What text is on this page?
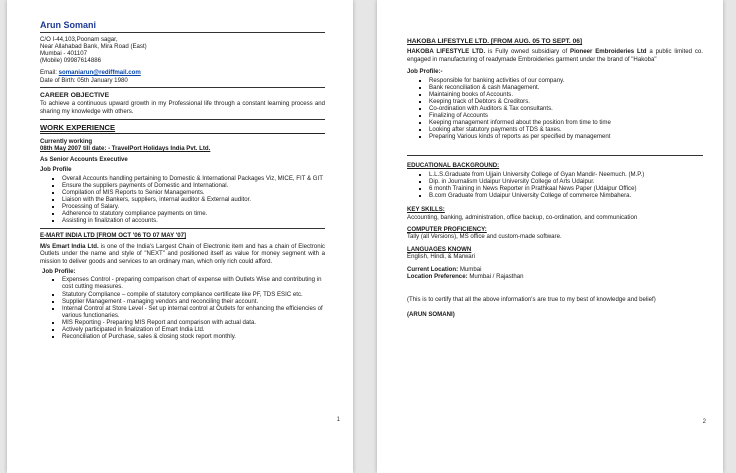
Arun Somani
C/O I-44,103,Poonam sagar,
Near Allahabad Bank, Mira Road (East)
Mumbai - 401107
(Mobile) 09987614886
Email: somaniarun@rediffmail.com
Date of Birth: 05th January 1980
CAREER OBJECTIVE
To achieve a continuous upward growth in my Professional life through a constant learning process and sharing my knowledge with others.
WORK EXPERIENCE
Currently working
08th May 2007 till date: - TravelPort Holidays India Pvt. Ltd.
As Senior Accounts Executive
Job Profile
▪ Overall Accounts handling pertaining to Domestic & International Packages Viz, MICE, FIT & GIT
▪ Ensure the suppliers payments of Domestic and International.
▪ Compilation of MIS Reports to Senior Managements.
▪ Liaison with the Bankers, suppliers, internal auditor & External auditor.
▪ Processing of Salary.
▪ Adherence to statutory compliance payments on time.
▪ Assisting in finalization of accounts.
E-MART INDIA LTD [FROM OCT '06 TO 07 MAY '07]
M/s Emart India Ltd. is one of the India's Largest Chain of Electronic item and has a chain of Electronic Outlets under the name and style of "NEXT" and positioned itself as value for money segment with a mission to deliver goods and services to an ordinary man, which only rich could afford.
Job Profile:
▪ Expenses Control - preparing comparison chart of expense with Outlets Wise and contributing in cost cutting measures.
▪ Statutory Compliance – compile of statutory compliance certificate like PF, TDS ESIC etc.
▪ Supplier Management - managing vendors and reconciling their account.
▪ Internal Control at Store Level - Set up internal control at Outlets for enhancing the efficiencies of various functionaries.
▪ MIS Reporting - Preparing MIS Report and comparison with actual data.
▪ Actively participated in finalization of Emart India Ltd.
▪ Reconciliation of Purchase, sales & closing stock report monthly.
1
HAKOBA LIFESTYLE LTD. [FROM AUG. 05 TO SEPT. 06]
HAKOBA LIFESTYLE LTD. is Fully owned subsidiary of Pioneer Embroideries Ltd a public limited co. engaged in manufacturing of readymade Embroideries garment under the brand of "Hakoba"
Job Profile:-
▪ Responsible for banking activities of our company.
▪ Bank reconciliation & cash Management.
▪ Maintaining books of Accounts.
▪ Keeping track of Debtors & Creditors.
▪ Co-ordination with Auditors & Tax consultants.
▪ Finalizing of Accounts
▪ Keeping management informed about the position from time to time
▪ Looking after statutory payments of TDS & taxes.
▪ Preparing Various kinds of reports as per specified by management
EDUCATIONAL BACKGROUND:
▪ L.L.S.Graduate from Ujjain University College of Gyan Mandir- Neemuch. (M.P.)
▪ Dip. in Journalism Udaipur University College of Arts Udaipur.
▪ 6 month Training in News Reporter in Prathkaal News Paper (Udaipur Office)
▪ B.com Graduate from Udaipur University College of commerce Nimbahera.
KEY SKILLS:
Accounting, banking, administration, office backup, co-ordination, and communication
COMPUTER PROFICIENCY:
Tally (all Versions), MS office and custom-made software.
LANGUAGES KNOWN
English, Hindi, & Marwari
Current Location: Mumbai
Location Preference: Mumbai / Rajasthan
(This is to certify that all the above information's are true to my best of knowledge and belief)
(ARUN SOMANI)
2
